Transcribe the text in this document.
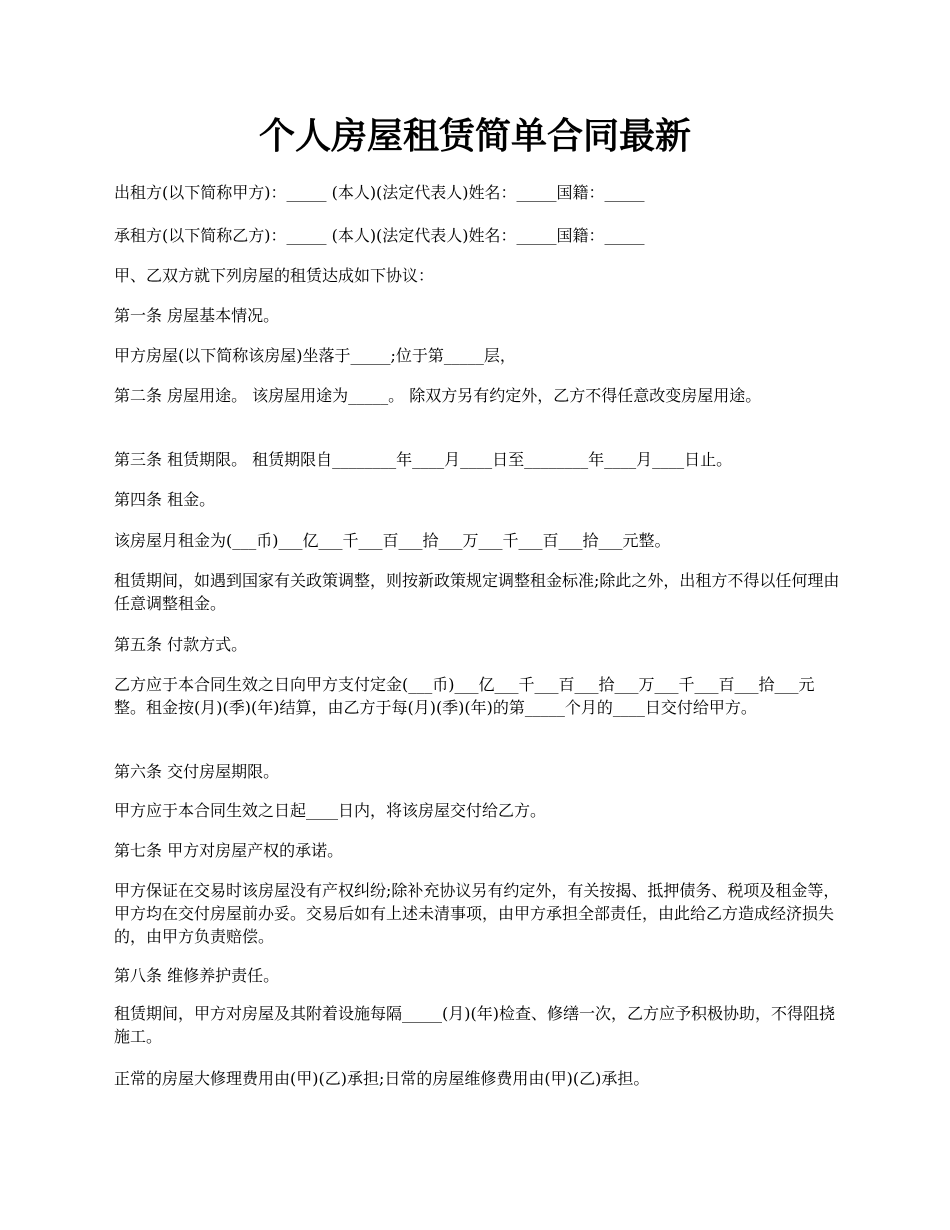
个人房屋租赁简单合同最新

出租方(以下简称甲方)：_____ (本人)(法定代表人)姓名：_____国籍：_____

承租方(以下简称乙方)：_____ (本人)(法定代表人)姓名：_____国籍：_____

甲、乙双方就下列房屋的租赁达成如下协议：

第一条 房屋基本情况。

甲方房屋(以下简称该房屋)坐落于_____;位于第_____层，

第二条 房屋用途。 该房屋用途为_____。 除双方另有约定外，乙方不得任意改变房屋用途。

第三条 租赁期限。 租赁期限自________年____月____日至________年____月____日止。

第四条 租金。

该房屋月租金为(___币)___亿___千___百___拾___万___千___百___拾___元整。

租赁期间，如遇到国家有关政策调整，则按新政策规定调整租金标准;除此之外，出租方不得以任何理由任意调整租金。

第五条 付款方式。

乙方应于本合同生效之日向甲方支付定金(___币)___亿___千___百___拾___万___千___百___拾___元整。租金按(月)(季)(年)结算，由乙方于每(月)(季)(年)的第_____个月的____日交付给甲方。

第六条 交付房屋期限。

甲方应于本合同生效之日起____日内，将该房屋交付给乙方。

第七条 甲方对房屋产权的承诺。

甲方保证在交易时该房屋没有产权纠纷;除补充协议另有约定外，有关按揭、抵押债务、税项及租金等，甲方均在交付房屋前办妥。交易后如有上述未清事项，由甲方承担全部责任，由此给乙方造成经济损失的，由甲方负责赔偿。

第八条 维修养护责任。

租赁期间，甲方对房屋及其附着设施每隔_____(月)(年)检查、修缮一次，乙方应予积极协助，不得阻挠施工。

正常的房屋大修理费用由(甲)(乙)承担;日常的房屋维修费用由(甲)(乙)承担。
